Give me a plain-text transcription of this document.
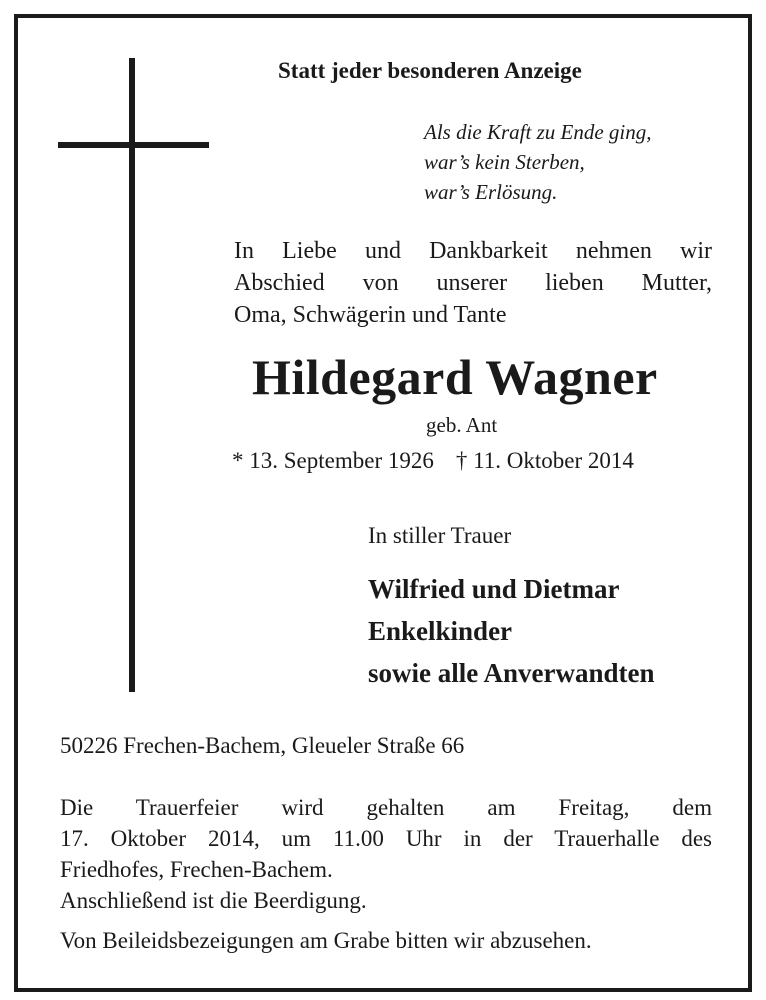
Statt jeder besonderen Anzeige

Als die Kraft zu Ende ging,

war’s kein Sterben,

war’s Erlösung.

In Liebe und Dankbarkeit nehmen wir

Abschied von unserer lieben Mutter,

Oma, Schwägerin und Tante

Hildegard Wagner

geb. Ant

* 13. September 1926 † 11. Oktober 2014

In stiller Trauer

Wilfried und Dietmar

Enkelkinder

sowie alle Anverwandten

50226 Frechen-Bachem, Gleueler Straße 66

Die Trauerfeier wird gehalten am Freitag, dem

17. Oktober 2014, um 11.00 Uhr in der Trauerhalle des

Friedhofes, Frechen-Bachem.

Anschließend ist die Beerdigung.

Von Beileidsbezeigungen am Grabe bitten wir abzusehen.
